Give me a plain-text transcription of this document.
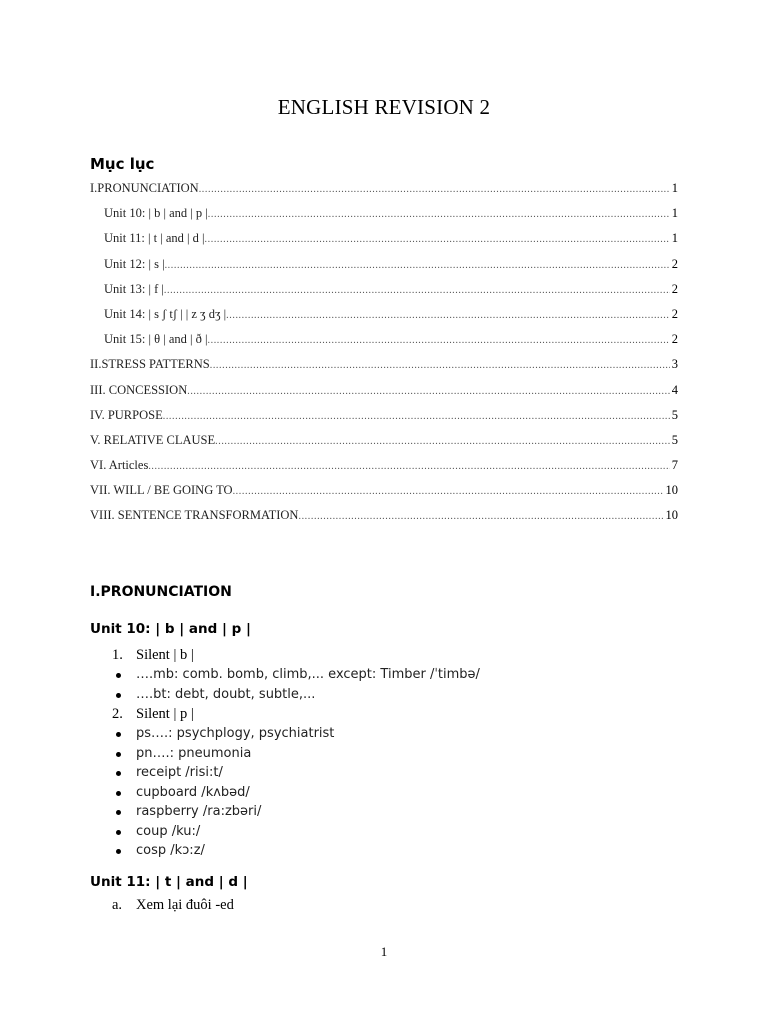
ENGLISH REVISION 2
Mục lục
I.PRONUNCIATION .....	1
Unit 10: | b | and | p | .....	1
Unit 11: | t | and | d | .....	1
Unit 12: | s | .....	2
Unit 13: | f | .....	2
Unit 14: | s ʃ tʃ | | z ʒ dʒ | .....	2
Unit 15: | θ | and | ð | .....	2
II.STRESS PATTERNS .....	3
III. CONCESSION .....	4
IV. PURPOSE .....	5
V. RELATIVE CLAUSE .....	5
VI. Articles .....	7
VII. WILL / BE GOING TO .....	10
VIII. SENTENCE TRANSFORMATION .....	10
I.PRONUNCIATION
Unit 10: | b | and | p |
1. Silent | b |
….mb: comb. bomb, climb,... except: Timber /ˈtimbə/
….bt: debt, doubt, subtle,...
2. Silent | p |
ps….: psychplogy, psychiatrist
pn….: pneumonia
receipt /risi:t/
cupboard /kʌbəd/
raspberry /ra:zbəri/
coup /ku:/
cosp /kɔ:z/
Unit 11: | t | and | d |
a. Xem lại đuôi -ed
1
